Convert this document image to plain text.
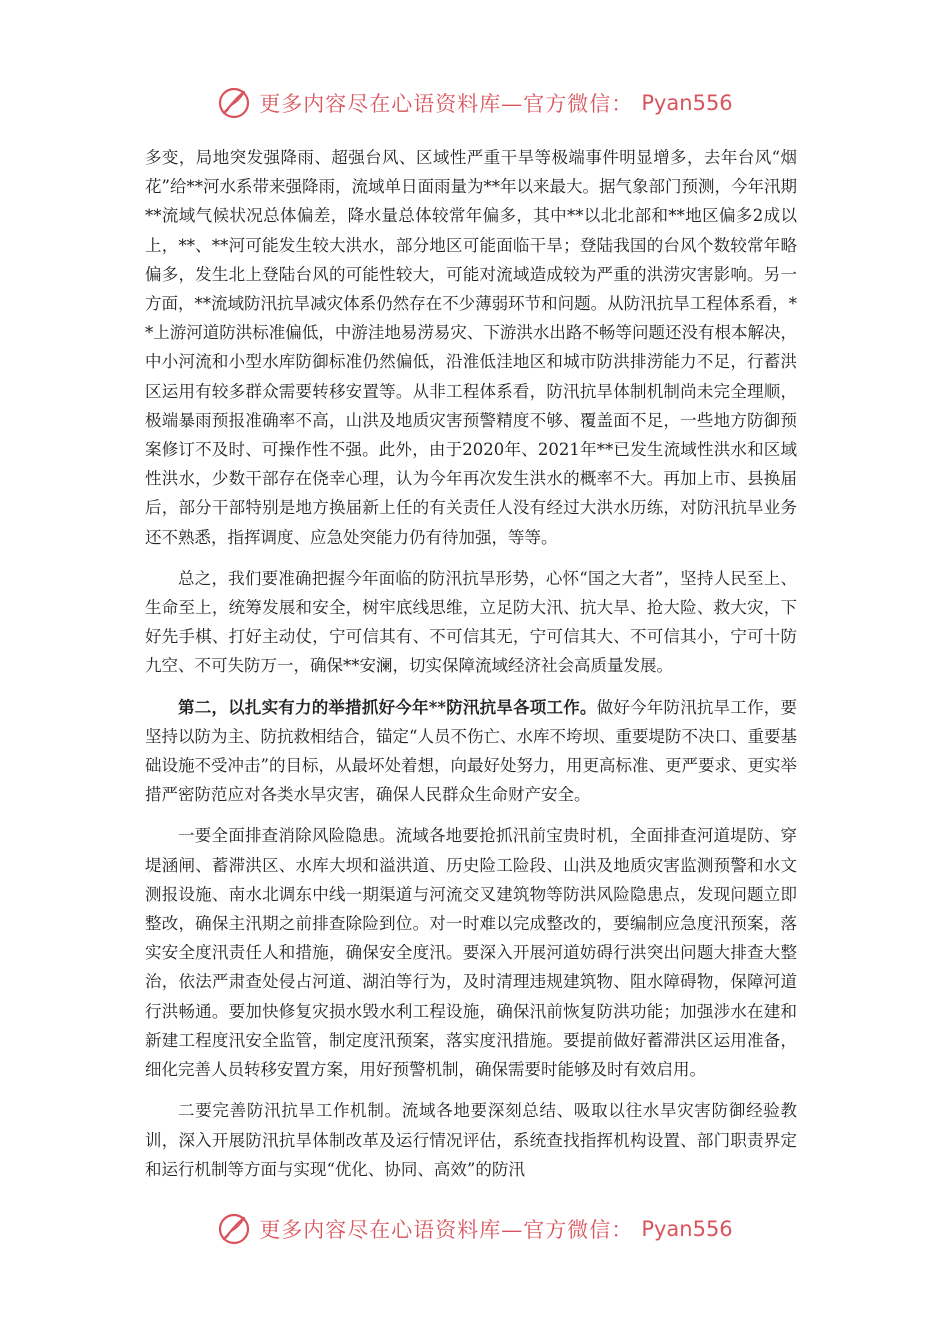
更多内容尽在心语资料库—官方微信： Pyan556

多变，局地突发强降雨、超强台风、区域性严重干旱等极端事件明显增多，去年台风“烟花”给**河水系带来强降雨，流域单日面雨量为**年以来最大。据气象部门预测，今年汛期**流域气候状况总体偏差，降水量总体较常年偏多，其中**以北北部和**地区偏多2成以上，**、**河可能发生较大洪水，部分地区可能面临干旱；登陆我国的台风个数较常年略偏多，发生北上登陆台风的可能性较大，可能对流域造成较为严重的洪涝灾害影响。另一方面，**流域防汛抗旱减灾体系仍然存在不少薄弱环节和问题。从防汛抗旱工程体系看，**上游河道防洪标准偏低，中游洼地易涝易灾、下游洪水出路不畅等问题还没有根本解决，中小河流和小型水库防御标准仍然偏低，沿淮低洼地区和城市防洪排涝能力不足，行蓄洪区运用有较多群众需要转移安置等。从非工程体系看，防汛抗旱体制机制尚未完全理顺，极端暴雨预报准确率不高，山洪及地质灾害预警精度不够、覆盖面不足，一些地方防御预案修订不及时、可操作性不强。此外，由于2020年、2021年**已发生流域性洪水和区域性洪水，少数干部存在侥幸心理，认为今年再次发生洪水的概率不大。再加上市、县换届后，部分干部特别是地方换届新上任的有关责任人没有经过大洪水历练，对防汛抗旱业务还不熟悉，指挥调度、应急处突能力仍有待加强，等等。

总之，我们要准确把握今年面临的防汛抗旱形势，心怀“国之大者”，坚持人民至上、生命至上，统筹发展和安全，树牢底线思维，立足防大汛、抗大旱、抢大险、救大灾，下好先手棋、打好主动仗，宁可信其有、不可信其无，宁可信其大、不可信其小，宁可十防九空、不可失防万一，确保**安澜，切实保障流域经济社会高质量发展。

第二，以扎实有力的举措抓好今年**防汛抗旱各项工作。做好今年防汛抗旱工作，要坚持以防为主、防抗救相结合，锚定“人员不伤亡、水库不垮坝、重要堤防不决口、重要基础设施不受冲击”的目标，从最坏处着想，向最好处努力，用更高标准、更严要求、更实举措严密防范应对各类水旱灾害，确保人民群众生命财产安全。

一要全面排查消除风险隐患。流域各地要抢抓汛前宝贵时机，全面排查河道堤防、穿堤涵闸、蓄滞洪区、水库大坝和溢洪道、历史险工险段、山洪及地质灾害监测预警和水文测报设施、南水北调东中线一期渠道与河流交叉建筑物等防洪风险隐患点，发现问题立即整改，确保主汛期之前排查除险到位。对一时难以完成整改的，要编制应急度汛预案，落实安全度汛责任人和措施，确保安全度汛。要深入开展河道妨碍行洪突出问题大排查大整治，依法严肃查处侵占河道、湖泊等行为，及时清理违规建筑物、阻水障碍物，保障河道行洪畅通。要加快修复灾损水毁水利工程设施，确保汛前恢复防洪功能；加强涉水在建和新建工程度汛安全监管，制定度汛预案，落实度汛措施。要提前做好蓄滞洪区运用准备，细化完善人员转移安置方案，用好预警机制，确保需要时能够及时有效启用。

二要完善防汛抗旱工作机制。流域各地要深刻总结、吸取以往水旱灾害防御经验教训，深入开展防汛抗旱体制改革及运行情况评估，系统查找指挥机构设置、部门职责界定和运行机制等方面与实现“优化、协同、高效”的防汛

更多内容尽在心语资料库—官方微信： Pyan556
